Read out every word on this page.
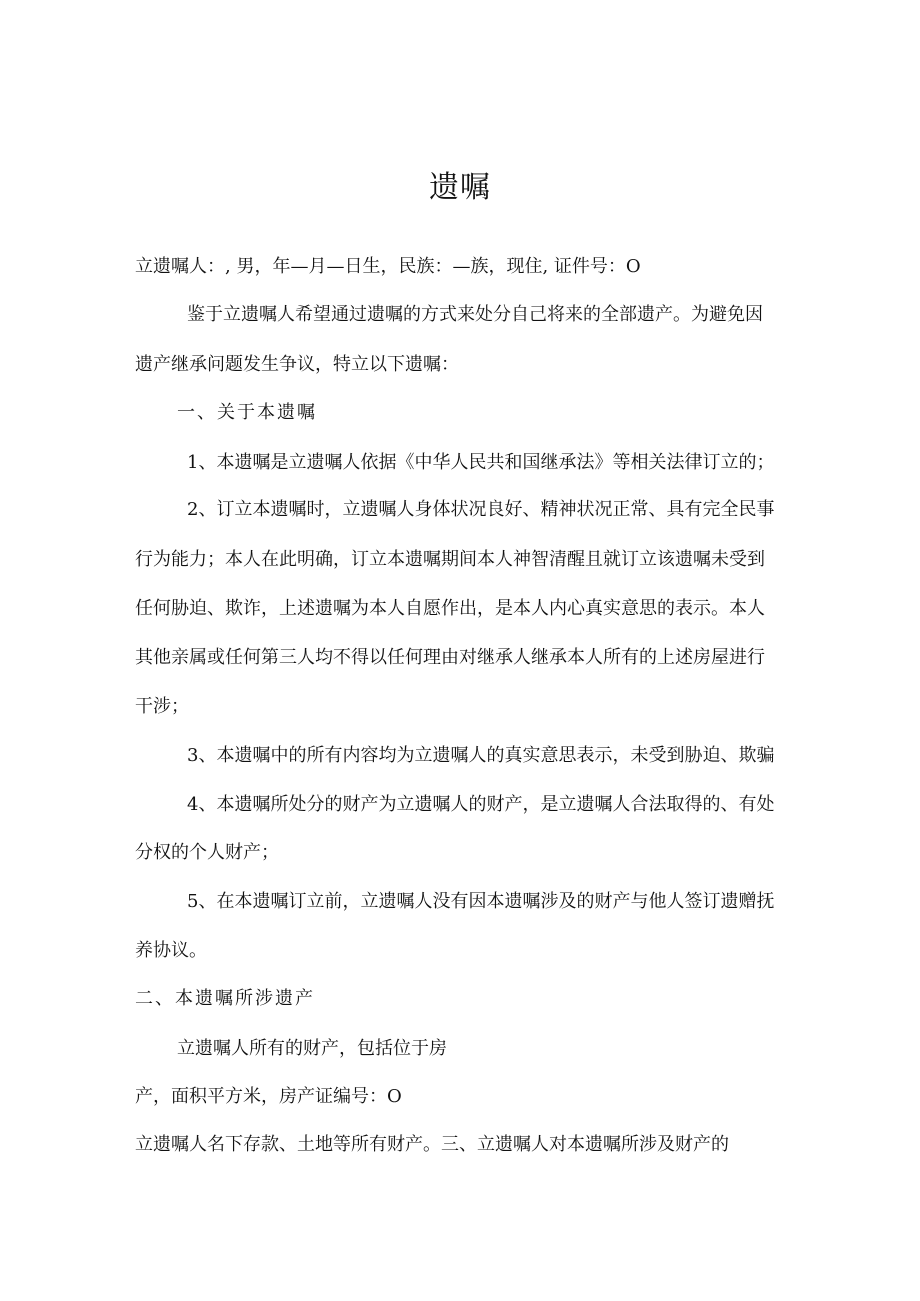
遗嘱
立遗嘱人：, 男，年—月—日生，民族：—族，现住, 证件号：O
鉴于立遗嘱人希望通过遗嘱的方式来处分自己将来的全部遗产。为避免因
遗产继承问题发生争议，特立以下遗嘱：
一、关于本遗嘱
1、本遗嘱是立遗嘱人依据《中华人民共和国继承法》等相关法律订立的；
2、订立本遗嘱时，立遗嘱人身体状况良好、精神状况正常、具有完全民事
行为能力；本人在此明确，订立本遗嘱期间本人神智清醒且就订立该遗嘱未受到
任何胁迫、欺诈，上述遗嘱为本人自愿作出，是本人内心真实意思的表示。本人
其他亲属或任何第三人均不得以任何理由对继承人继承本人所有的上述房屋进行
干涉；
3、本遗嘱中的所有内容均为立遗嘱人的真实意思表示，未受到胁迫、欺骗
4、本遗嘱所处分的财产为立遗嘱人的财产，是立遗嘱人合法取得的、有处
分权的个人财产；
5、在本遗嘱订立前，立遗嘱人没有因本遗嘱涉及的财产与他人签订遗赠抚
养协议。
二、本遗嘱所涉遗产
立遗嘱人所有的财产，包括位于房
产，面积平方米，房产证编号：O
立遗嘱人名下存款、土地等所有财产。三、立遗嘱人对本遗嘱所涉及财产的
